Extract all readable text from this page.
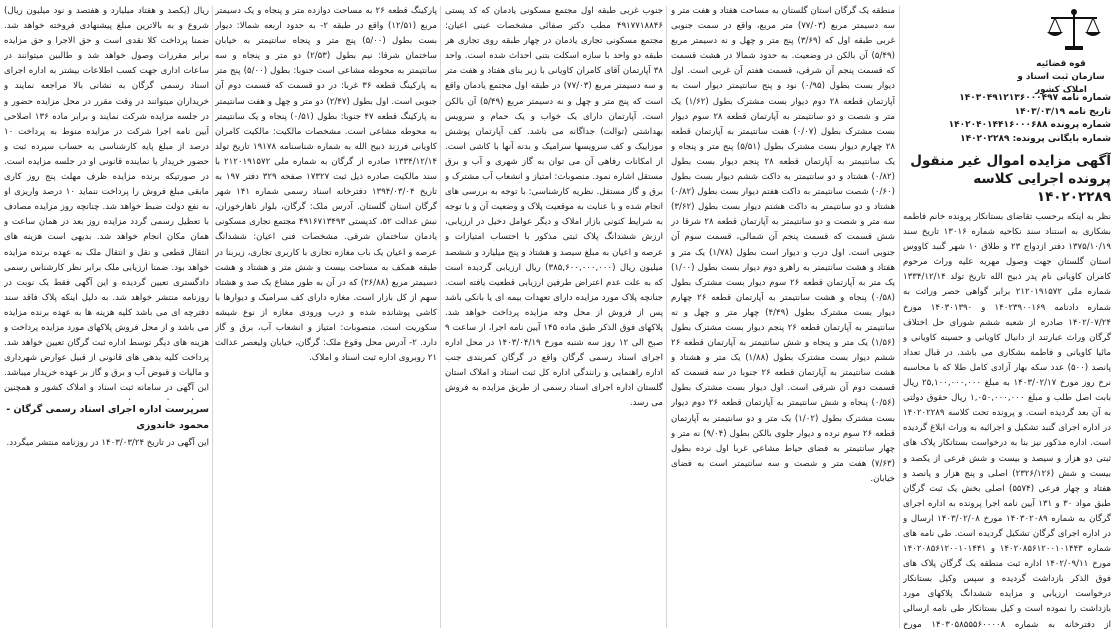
قوه قضائیه
سازمان ثبت اسناد و املاک کشور
شماره نامه ۱۴۰۳۰۴۹۱۲۱۳۶۰۰۰۴۹۷
تاریخ نامه ۱۴۰۳/۰۳/۱۹
شماره پرونده ۱۴۰۲۰۴۰۱۴۴۱۶۰۰۰۶۸۸
شماره بایگانی پرونده: ۱۴۰۲۰۲۲۸۹
آگهی مزایده اموال غیر منقول پرونده اجرایی کلاسه ۱۴۰۲۰۲۲۸۹

نظر به اینکه برحسب تقاضای بستانکار پرونده خانم فاطمه بشکاری به استناد سند نکاحیه شماره ۱۳۰۱۶ تاریخ سند ۱۳۷۵/۱۰/۱۹ دفتر ازدواج ۲۳ و طلاق ۱۰ شهر گنبد کاووس استان گلستان جهت وصول مهریه علیه وراث مرحوم کامران کاویانی نام پدر ذبیح الله تاریخ تولد ۱۳۳۴/۱۲/۱۴ شماره ملی ۲۱۲۰۱۹۱۵۷۲ برابر گواهی حصر وراثت به شماره دادنامه ۱۴۰۲۳۹۰۰۱۶۹ و ۱۴۰۳۰۱۳۹۰ مورخ ۱۴۰۲/۰۷/۲۴ صادره از شعبه ششم شورای حل اختلاف گرگان وراث عبارتند از دانیال کاویانی و حسینه کاویانی و مائیا کاویانی و فاطمه بشکاری می باشد. در قبال تعداد پانصد (۵۰۰) عدد سکه بهار آزادی کامل طلا که با محاسبه نرخ روز مورخ ۱۴۰۳/۰۲/۱۷ به مبلغ ۲۵,۱۰۰,۰۰۰,۰۰۰ ریال بابت اصل طلب و مبلغ ۱,۰۵۰,۰۰۰,۰۰۰ ریال حقوق دولتی به آن بعد گردیده است. و پرونده تحت کلاسه ۱۴۰۲۰۲۲۸۹ در اداره اجرای گنبد تشکیل و اجرائیه به وراث ابلاغ گردیده است. اداره مذکور نیز بنا به درخواست بستانکار پلاک های ثبتی دو هزار و سیصد و بیست و شش فرعی از یکصد و بیست و شش (۲۳۲۶/۱۲۶) اصلی و پنج هزار و پانصد و هفتاد و چهار فرعی (۵۵۷۴) اصلی بخش یک ثبت گرگان طبق مواد ۳۰ و ۱۳۱ آیین نامه اجرا پرونده به اداره اجرای گرگان به شماره ۱۴۰۳۰۲۰۸۹ مورخ ۱۴۰۳/۰۲/۰۸ ارسال و در اداره اجرای گرگان تشکیل گردیده است. طی نامه های شماره ۱۴۰۲۰۸۵۶۱۲۰۰۱۰۱۴۴۳ و ۱۴۰۲۰۸۵۶۱۲۰۰۱۰۱۴۴۱ مورخ ۱۴۰۲/۰۹/۱۱ اداره ثبت منطقه یک گرگان پلاک های فوق الذکر بازداشت گردیده و سپس وکیل بستانکار درخواست ارزیابی و مزایده ششدانگ پلاکهای مورد بازداشت را نموده است و کیل بستانکار طی نامه ارسالی از دفترخانه به شماره ۱۴۰۳۰۵۸۵۵۵۶۰۰۰۰۸ مورخ

منطقه یک گرگان استان گلستان به مساحت هفتاد و هفت متر و سه دسیمتر مربع (۷۷/۰۳) متر مربع، واقع در سمت جنوبی غربی طبقه اول که (۳/۶۹) پنج متر و چهل و نه دسیمتر مربع (۵/۴۹) آن بالکن در وضعیت. به حدود شمالا در هشت قسمت که قسمت پنجم آن شرقی، قسمت هفتم آن غربی است. اول دیوار بست بطول (۰/۹۵) نود و پنج سانتیمتر دیوار است به آپارتمان قطعه ۲۸ دوم دیوار بست مشترک بطول (۱/۶۲) یک متر و شصت و دو سانتیمتر به آپارتمان قطعه ۲۸ سوم دیوار بست مشترک بطول (۰/۰۷) هفت سانتیمتر به آپارتمان قطعه ۲۸ چهارم دیوار بست مشترک بطول (۵/۵۱) پنج متر و پنجاه و یک سانتیمتر به آپارتمان قطعه ۲۸ پنجم دیوار بست بطول (۰/۸۲) هشتاد و دو سانتیمتر به داکت ششم دیوار بست بطول (۰/۶۰) شصت سانتیمتر به داکت هفتم دیوار بست بطول (۰/۸۲) هشتاد و دو سانتیمتر به داکت هشتم دیوار بست بطول (۳/۶۲) سه متر و شصت و دو سانتیمتر به آپارتمان قطعه ۲۸ شرقا در شش قسمت که قسمت پنجم آن شمالی، قسمت سوم آن جنوبی است. اول درب و دیوار است بطول (۱/۷۸) یک متر و هفتاد و هشت سانتیمتر به راهرو دوم دیوار بست بطول (۱/۰۰) یک متر به آپارتمان قطعه ۲۶ سوم دیوار بست مشترک بطول (۰/۵۸) پنجاه و هشت سانتیمتر به آپارتمان قطعه ۲۶ چهارم دیوار بست مشترک بطول (۴/۴۹) چهار متر و چهل و نه سانتیمتر به آپارتمان قطعه ۲۶ پنجم دیوار بست مشترک بطول (۱/۵۶) یک متر و پنجاه و شش سانتیمتر به آپارتمان قطعه ۲۶ ششم دیوار بست مشترک بطول (۱/۸۸) یک متر و هشتاد و هشت سانتیمتر به آپارتمان قطعه ۲۶ جنوبا در سه قسمت که قسمت دوم آن شرقی است. اول دیوار بست مشترک بطول (۰/۵۶) پنجاه و شش سانتیمتر به آپارتمان قطعه ۲۶ دوم دیوار بست مشترک بطول (۱/۰۲) یک متر و دو سانتیمتر به آپارتمان قطعه ۲۶ سوم نرده و دیوار جلوی بالکن بطول (۹/۰۴) نه متر و چهار سانتیمتر به فضای حیاط مشاعی غربا اول نرده بطول (۷/۶۳) هفت متر و شصت و سه سانتیمتر است به فضای خیابان.

جنوب غربی طبقه اول مجتمع مسکونی یادمان که کد پستی ۴۹۱۷۷۱۸۸۴۶ مطب دکتر صفائی مشخصات عینی اعیان: مجتمع مسکونی تجاری یادمان در چهار طبقه روی تجاری هر طبقه دو واحد با سازه اسکلت بتنی احداث شده است. واحد ۳۸ آپارتمان آقای کامران کاویانی با زیر بنای هفتاد و هفت متر و سه دسیمتر مربع (۷۷/۰۳) در طبقه اول مجتمع یادمان واقع است که پنج متر و چهل و نه دسیمتر مربع (۵/۴۹) آن بالکن است. آپارتمان دارای یک خواب و یک حمام و سرویس بهداشتی (توالت) جداگانه می باشد. کف آپارتمان پوشش موزاییک و کف سرویسها سرامیک و بدنه آنها با کاشی است. از امکانات رفاهی آن می توان به گاز شهری و آب و برق مستقل اشاره نمود. منصوبات: امتیاز و انشعاب آب مشترک و برق و گاز مستقل. نظریه کارشناسی: با توجه به بررسی های انجام شده و با عنایت به موقعیت پلاک و وضعیت آن و با توجه به شرایط کنونی بازار املاک و دیگر عوامل دخیل در ارزیابی، ارزش ششدانگ پلاک ثبتی مذکور با احتساب امتیازات و عرصه و اعیان به مبلغ سیصد و هشتاد و پنج میلیارد و ششصد میلیون ریال (۳۸۵,۶۰۰,۰۰۰,۰۰۰) ریال ارزیابی گردیده است که به علت عدم اعتراض طرفین ارزیابی قطعیت یافته است. جنانچه پلاک مورد مزایده دارای تعهدات بیمه ای یا بانکی باشد پس از فروش از محل وجه مزایده پرداخت خواهد شد. پلاکهای فوق الذکر طبق ماده ۱۴۵ آیین نامه اجرا، از ساعت ۹ صبح الی ۱۲ روز سه شنبه مورخ ۱۴۰۳/۰۴/۱۹ در محل اداره اجرای اسناد رسمی گرگان واقع در گرگان کمربندی جنب اداره راهنمایی و رانندگی اداره کل ثبت اسناد و املاک استان گلستان اداره اجرای اسناد رسمی از طریق مزایده به فروش می رسد.

پارکینگ قطعه ۲۶ به مساحت دوازده متر و پنجاه و یک دسیمتر مربع (۱۲/۵۱) واقع در طبقه ۲- به حدود اربعه شمالا: دیوار بست بطول (۵/۰۰) پنج متر و پنجاه سانتیمتر به خیابان ساختمان شرقا: نیم بطول (۲/۵۳) دو متر و پنجاه و سه سانتیمتر به محوطه مشاعی است جنوبا: بطول (۵/۰۰) پنج متر به پارکینگ قطعه ۳۶ غربا: در دو قسمت که قسمت دوم آن جنوبی است. اول بطول (۲/۴۷) دو متر و چهل و هفت سانتیمتر به پارکینگ قطعه ۴۷ جنوبا: بطول (۰/۵۱) پنجاه و یک سانتیمتر به محوطه مشاعی است. مشخصات مالکیت: مالکیت کامران کاویانی فرزند ذبیح الله به شماره شناسنامه ۱۹۱۷۸ تاریخ تولد ۱۳۳۴/۱۲/۱۴ صادره از گرگان به شماره ملی ۲۱۲۰۱۹۱۵۷۲ با سند مالکیت صادره ذیل ثبت ۱۷۳۲۷ صفحه ۳۲۹ دفتر ۱۹۷ به تاریخ ۱۳۹۴/۰۳/۰۴ دفترخانه اسناد رسمی شماره ۱۴۱ شهر گرگان استان گلستان. آدرس ملک: گرگان، بلوار ناهارخوران، نبش عدالت ۵۲، کدپستی ۴۹۱۶۷۱۳۴۹۳ مجتمع تجاری مسکونی یادمان ساختمان شرقی. مشخصات فنی اعیان: ششدانگ عرصه و اعیان یک باب مغازه تجاری با کاربری تجاری، زیربنا در طبقه همکف به مساحت بیست و شش متر و هشتاد و هشت دسیمتر مربع (۲۶/۸۸) که در آن به طور مشاع یک صد و هشتاد سهم از کل بازار است. مغازه دارای کف سرامیک و دیوارها با کاشی پوشانده شده و درب ورودی مغازه از نوع شیشه سکوریت است. منصوبات: امتیاز و انشعاب آب، برق و گاز دارد. ۲- آدرس محل وقوع ملک: گرگان، خیابان ولیعصر عدالت ۲۱ روبروی اداره ثبت اسناد و املاک.

ریال (یکصد و هفتاد میلیارد و هفتصد و نود میلیون ریال) شروع و به بالاترین مبلغ پیشنهادی فروخته خواهد شد. ضمنا پرداخت کلا نقدی است و حق الاجرا و حق مزایده برابر مقررات وصول خواهد شد و طالبین میتوانند در ساعات اداری جهت کسب اطلاعات بیشتر به اداره اجرای اسناد رسمی گرگان به نشانی بالا مراجعه نمایند و خریداران میتوانند در وقت مقرر در محل مزایده حضور و در جلسه مزایده شرکت نمایند و برابر ماده ۱۳۶ اصلاحی آیین نامه اجرا شرکت در مزایده منوط به پرداخت ۱۰ درصد از مبلغ پایه کارشناسی به حساب سپرده ثبت و حضور خریدار یا نماینده قانونی او در جلسه مزایده است. در صورتیکه برنده مزایده ظرف مهلت پنج روز کاری مابقی مبلغ فروش را پرداخت ننماید ۱۰ درصد واریزی او به نفع دولت ضبط خواهد شد. چنانچه روز مزایده مصادف با تعطیل رسمی گردد مزایده روز بعد در همان ساعت و همان مکان انجام خواهد شد. بدیهی است هزینه های انتقال قطعی و نقل و انتقال ملک به عهده برنده مزایده خواهد بود. ضمنا ارزیابی ملک برابر نظر کارشناس رسمی دادگستری تعیین گردیده و این آگهی فقط یک نوبت در روزنامه منتشر خواهد شد. به دلیل اینکه پلاک فاقد سند دفترچه ای می باشد کلیه هزینه ها به عهده برنده مزایده می باشد و از محل فروش پلاکهای مورد مزایده پرداخت و هزینه های دیگر توسط اداره ثبت گرگان تعیین خواهد شد. پرداخت کلیه بدهی های قانونی از قبیل عوارض شهرداری و مالیات و قبوض آب و برق و گاز بر عهده خریدار میباشد. این آگهی در سامانه ثبت اسناد و املاک کشور و همچنین

سرپرست اداره اجرای اسناد رسمی گرگان -
محمود خاندوزی

این آگهی در تاریخ ۱۴۰۳/۰۳/۲۴ در روزنامه منتشر میگردد.
